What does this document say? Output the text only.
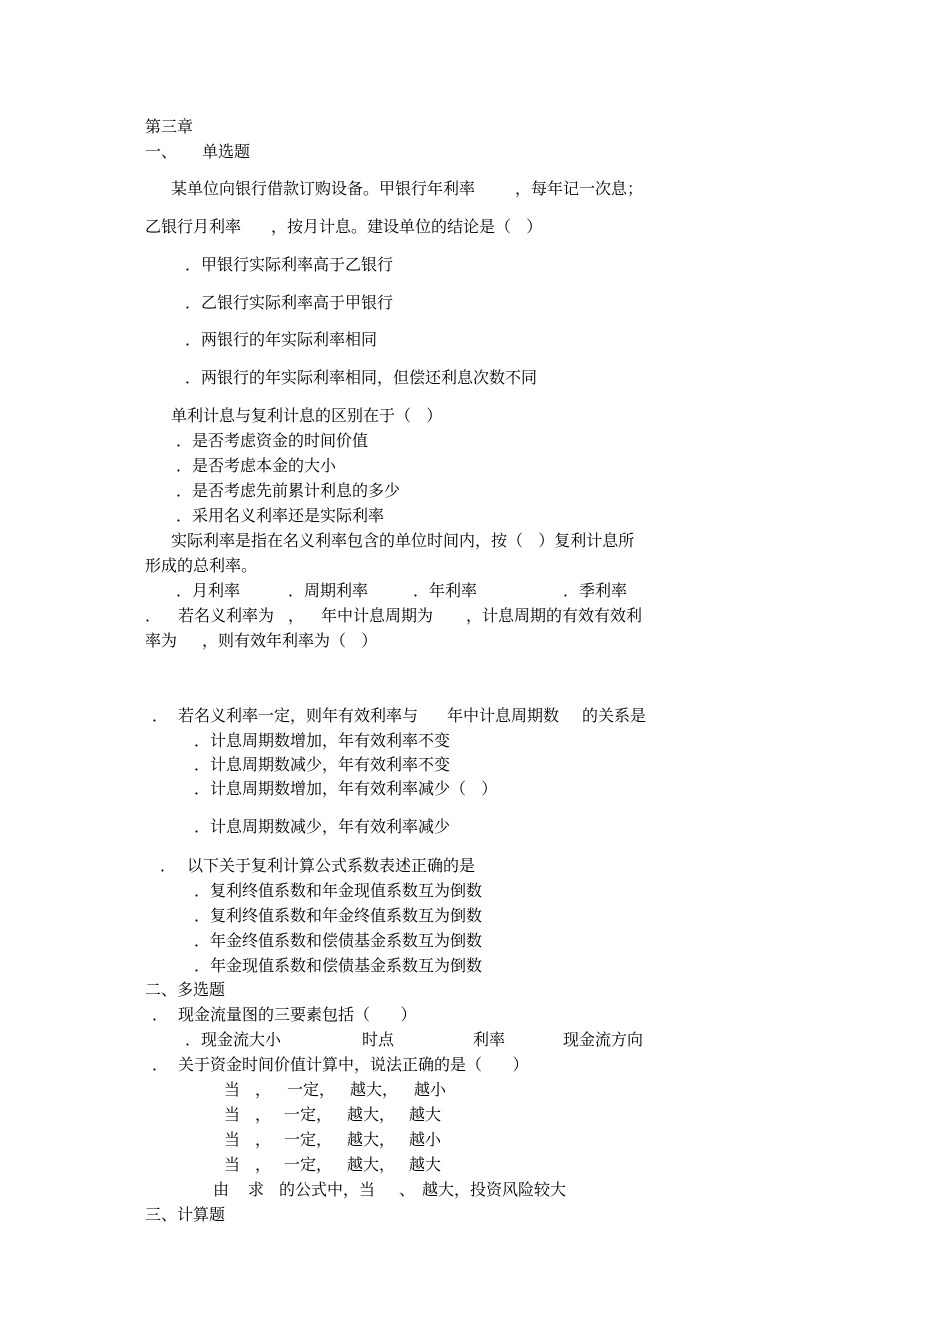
第三章
一、 单选题
某单位向银行借款订购设备。甲银行年利率 ，每年记一次息；
乙银行月利率 ，按月计息。建设单位的结论是（   ）
．甲银行实际利率高于乙银行
．乙银行实际利率高于甲银行
．两银行的年实际利率相同
．两银行的年实际利率相同，但偿还利息次数不同
单利计息与复利计息的区别在于（   ）
．是否考虑资金的时间价值
．是否考虑本金的大小
．是否考虑先前累计利息的多少
．采用名义利率还是实际利率
实际利率是指在名义利率包含的单位时间内，按（   ）复利计息所
形成的总利率。
．月利率	．周期利率	．年利率	．季利率
． 若名义利率为 ， 年中计息周期为 ，计息周期的有效有效利
率为 ，则有效年利率为（   ）
． 若名义利率一定，则年有效利率与 年中计息周期数 的关系是
．计息周期数增加，年有效利率不变
．计息周期数减少，年有效利率不变
．计息周期数增加，年有效利率减少（   ）
．计息周期数减少，年有效利率减少
． 以下关于复利计算公式系数表述正确的是
．复利终值系数和年金现值系数互为倒数
．复利终值系数和年金终值系数互为倒数
．年金终值系数和偿债基金系数互为倒数
．年金现值系数和偿债基金系数互为倒数
二、多选题
． 现金流量图的三要素包括（      ）
．现金流大小	时点	利率	现金流方向
． 关于资金时间价值计算中，说法正确的是（      ）
当 ， 一定， 越大， 越小
当 ， 一定， 越大， 越大
当 ， 一定， 越大， 越小
当 ， 一定， 越大， 越大
由 求 的公式中，当 、 越大，投资风险较大
三、计算题
